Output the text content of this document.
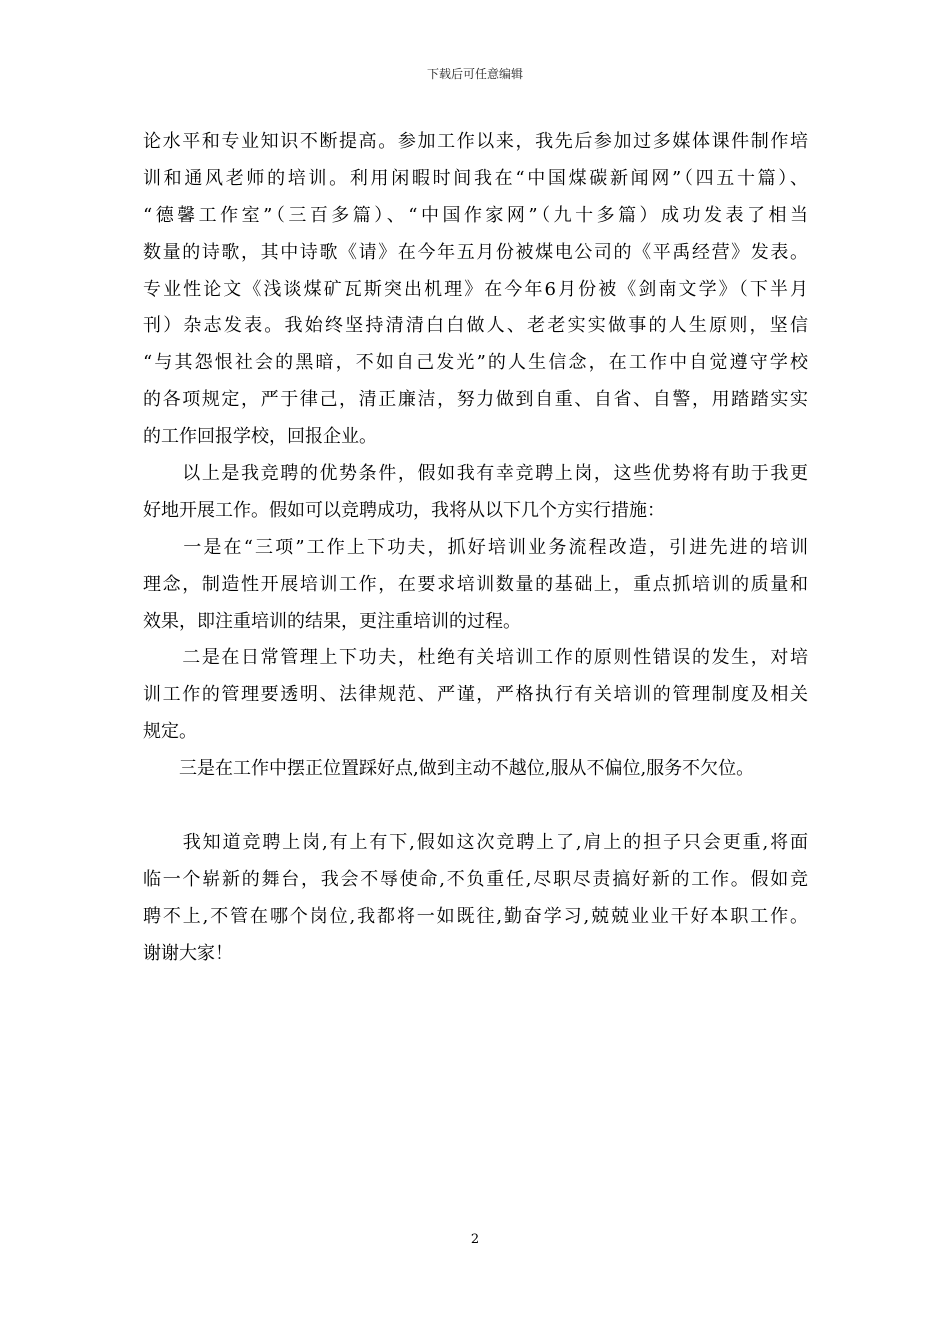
下载后可任意编辑
论水平和专业知识不断提高。参加工作以来，我先后参加过多媒体课件制作培
训和通风老师的培训。利用闲暇时间我在“中国煤碳新闻网”（四五十篇）、
“德馨工作室”（三百多篇）、“中国作家网”（九十多篇）成功发表了相当
数量的诗歌，其中诗歌《请》在今年五月份被煤电公司的《平禹经营》发表。
专业性论文《浅谈煤矿瓦斯突出机理》在今年6月份被《剑南文学》（下半月
刊）杂志发表。我始终坚持清清白白做人、老老实实做事的人生原则，坚信
“与其怨恨社会的黑暗，不如自己发光”的人生信念，在工作中自觉遵守学校
的各项规定，严于律己，清正廉洁，努力做到自重、自省、自警，用踏踏实实
的工作回报学校，回报企业。
　　以上是我竞聘的优势条件，假如我有幸竞聘上岗，这些优势将有助于我更
好地开展工作。假如可以竞聘成功，我将从以下几个方实行措施：
　　一是在“三项”工作上下功夫，抓好培训业务流程改造，引进先进的培训
理念，制造性开展培训工作，在要求培训数量的基础上，重点抓培训的质量和
效果，即注重培训的结果，更注重培训的过程。
　　二是在日常管理上下功夫，杜绝有关培训工作的原则性错误的发生，对培
训工作的管理要透明、法律规范、严谨，严格执行有关培训的管理制度及相关
规定。
　　三是在工作中摆正位置踩好点,做到主动不越位,服从不偏位,服务不欠位。
　　我知道竞聘上岗,有上有下,假如这次竞聘上了,肩上的担子只会更重,将面
临一个崭新的舞台，我会不辱使命,不负重任,尽职尽责搞好新的工作。假如竞
聘不上,不管在哪个岗位,我都将一如既往,勤奋学习,兢兢业业干好本职工作。
谢谢大家！
2
